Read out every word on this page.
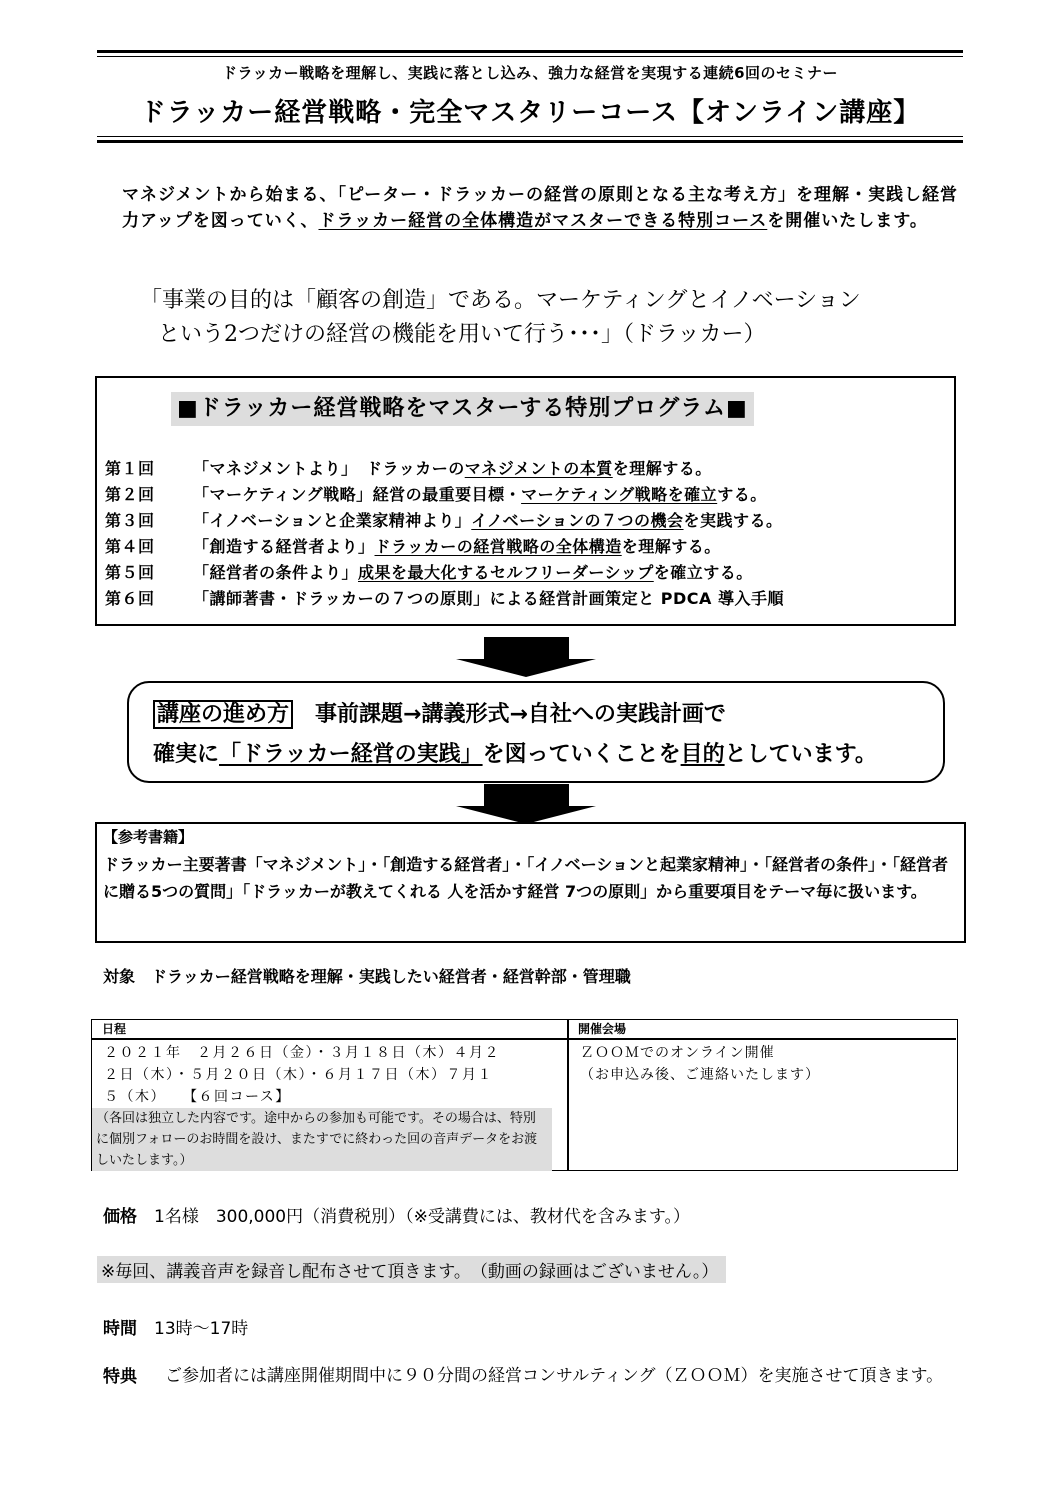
ドラッカー戦略を理解し、実践に落とし込み、強力な経営を実現する連続6回のセミナー
ドラッカー経営戦略・完全マスタリーコース【オンライン講座】
マネジメントから始まる、「ピーター・ドラッカーの経営の原則となる主な考え方」を理解・実践し経営力アップを図っていく、ドラッカー経営の全体構造がマスターできる特別コースを開催いたします。
「事業の目的は「顧客の創造」である。マーケティングとイノベーション
という2つだけの経営の機能を用いて行う･･･」（ドラッカー）
■ドラッカー経営戦略をマスターする特別プログラム■
第１回 「マネジメントより」　ドラッカーのマネジメントの本質を理解する。
第２回 「マーケティング戦略」経営の最重要目標・マーケティング戦略を確立する。
第３回 「イノベーションと企業家精神より」イノベーションの７つの機会を実践する。
第４回 「創造する経営者より」ドラッカーの経営戦略の全体構造を理解する。
第５回 「経営者の条件より」成果を最大化するセルフリーダーシップを確立する。
第６回 「講師著書・ドラッカーの７つの原則」による経営計画策定と PDCA 導入手順
講座の進め方 事前課題→講義形式→自社への実践計画で
確実に「ドラッカー経営の実践」を図っていくことを目的としています。
【参考書籍】
ドラッカー主要著書「マネジメント」・「創造する経営者」・「イノベーションと起業家精神」・「経営者の条件」・「経営者に贈る5つの質問」「ドラッカーが教えてくれる 人を活かす経営 7つの原則」から重要項目をテーマ毎に扱います。
対象　 ドラッカー経営戦略を理解・実践したい経営者・経営幹部・管理職
日程	開催会場
２０２１年　２月２６日（金）・３月１８日（木）４月２
２日（木）・５月２０日（木）・６月１７日（木）７月１
５（木）　　【６回コース】
（各回は独立した内容です。途中からの参加も可能です。その場合は、特別に個別フォローのお時間を設け、またすでに終わった回の音声データをお渡しいたします。）
ＺＯＯＭでのオンライン開催
（お申込み後、ご連絡いたします）
価格　 1名様　300,000円（消費税別）（※受講費には、教材代を含みます。）
※毎回、講義音声を録音し配布させて頂きます。　（動画の録画はございません。）
時間　 13時～17時
特典 ご参加者には講座開催期間中に９０分間の経営コンサルティング（ＺＯＯＭ）を実施させて頂きます。
